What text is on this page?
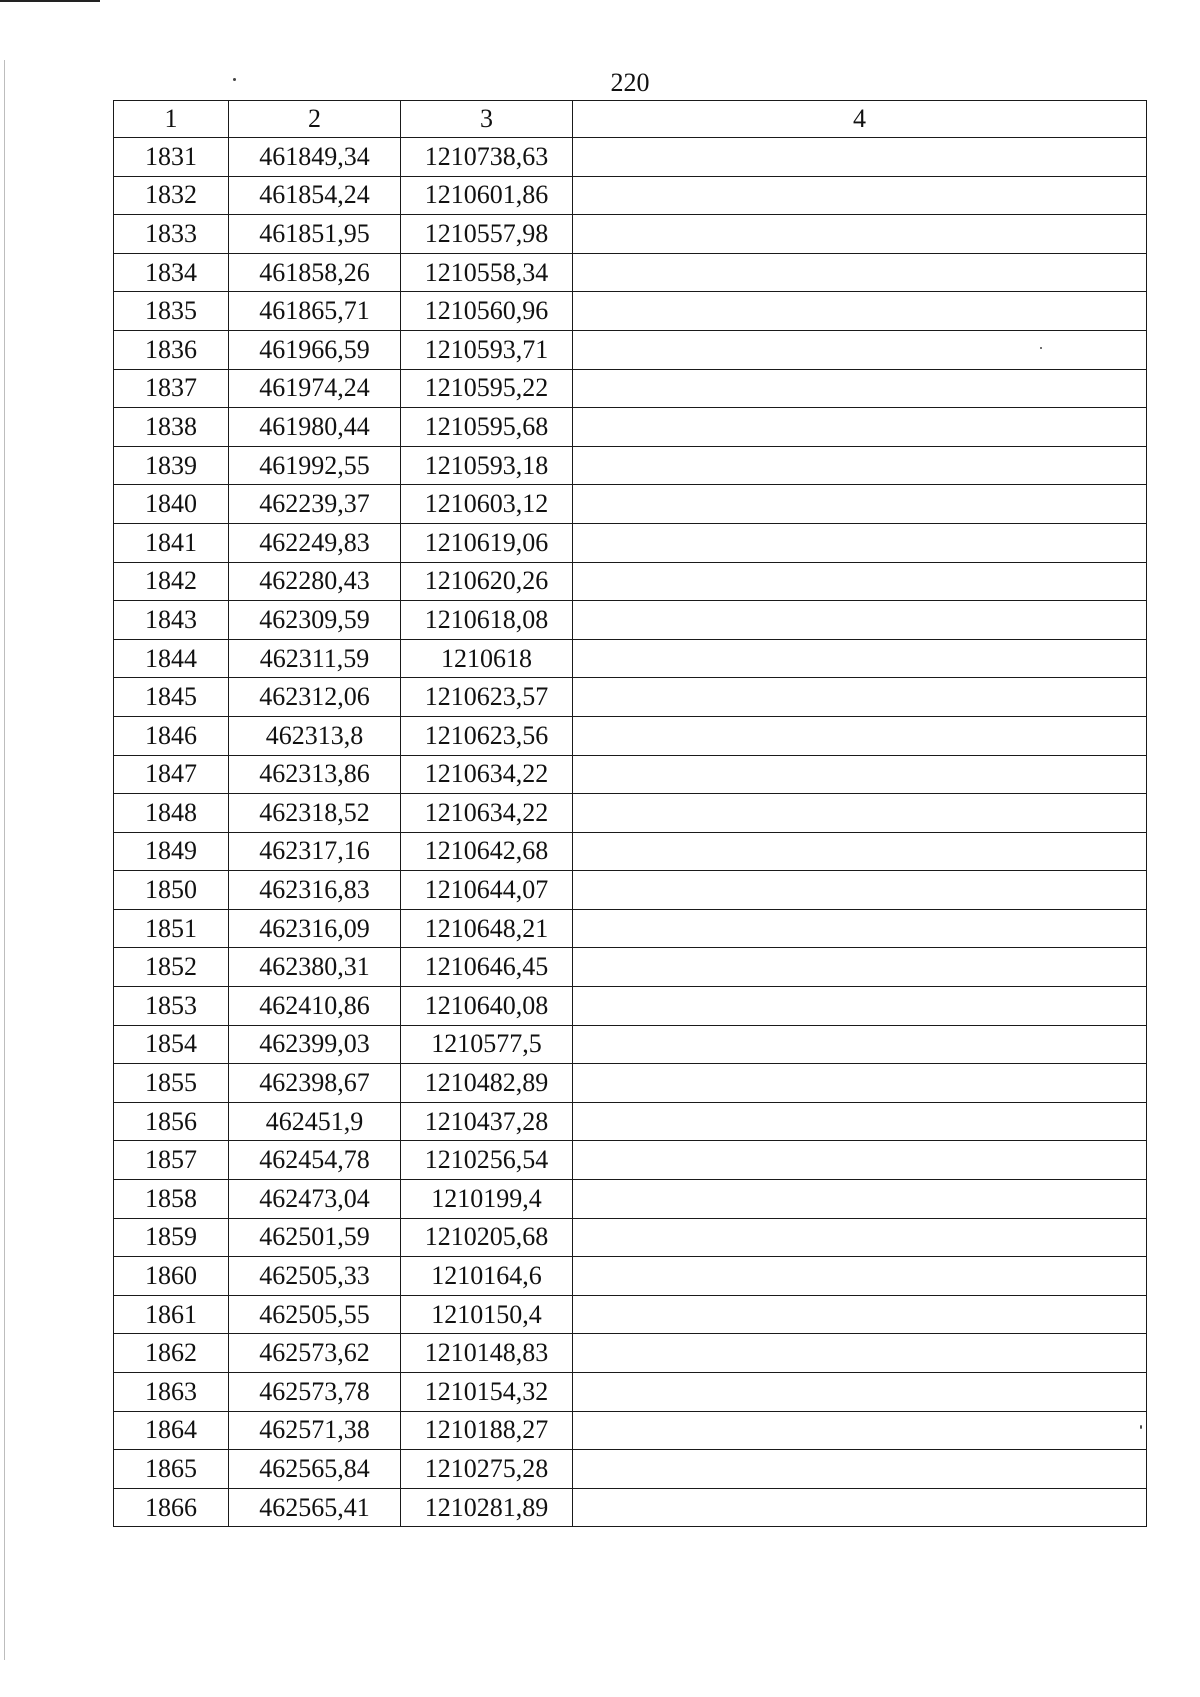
220
1	2	3	4
1831	461849,34	1210738,63	
1832	461854,24	1210601,86	
1833	461851,95	1210557,98	
1834	461858,26	1210558,34	
1835	461865,71	1210560,96	
1836	461966,59	1210593,71	
1837	461974,24	1210595,22	
1838	461980,44	1210595,68	
1839	461992,55	1210593,18	
1840	462239,37	1210603,12	
1841	462249,83	1210619,06	
1842	462280,43	1210620,26	
1843	462309,59	1210618,08	
1844	462311,59	1210618	
1845	462312,06	1210623,57	
1846	462313,8	1210623,56	
1847	462313,86	1210634,22	
1848	462318,52	1210634,22	
1849	462317,16	1210642,68	
1850	462316,83	1210644,07	
1851	462316,09	1210648,21	
1852	462380,31	1210646,45	
1853	462410,86	1210640,08	
1854	462399,03	1210577,5	
1855	462398,67	1210482,89	
1856	462451,9	1210437,28	
1857	462454,78	1210256,54	
1858	462473,04	1210199,4	
1859	462501,59	1210205,68	
1860	462505,33	1210164,6	
1861	462505,55	1210150,4	
1862	462573,62	1210148,83	
1863	462573,78	1210154,32	
1864	462571,38	1210188,27	
1865	462565,84	1210275,28	
1866	462565,41	1210281,89	
